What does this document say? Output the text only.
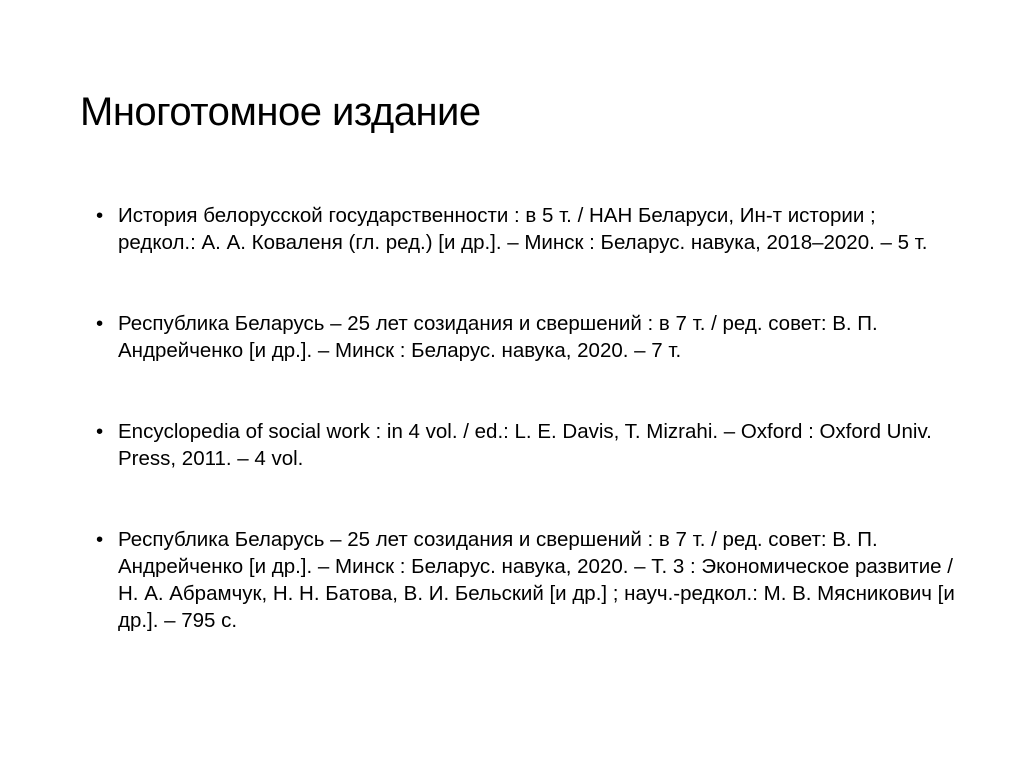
Многотомное издание
• История белорусской государственности : в 5 т. / НАН Беларуси, Ин-т истории ; редкол.: А. А. Коваленя (гл. ред.) [и др.]. – Минск : Беларус. навука, 2018–2020. – 5 т.
• Республика Беларусь – 25 лет созидания и свершений : в 7 т. / ред. совет: В. П. Андрейченко [и др.]. – Минск : Беларус. навука, 2020. – 7 т.
• Encyclopedia of social work : in 4 vol. / ed.: L. E. Davis, T. Mizrahi. – Oxford : Oxford Univ. Press, 2011. – 4 vol.
• Республика Беларусь – 25 лет созидания и свершений : в 7 т. / ред. совет: В. П. Андрейченко [и др.]. – Минск : Беларус. навука, 2020. – Т. 3 : Экономическое развитие / Н. А. Абрамчук, Н. Н. Батова, В. И. Бельский [и др.] ; науч.-редкол.: М. В. Мясникович [и др.]. – 795 с.
